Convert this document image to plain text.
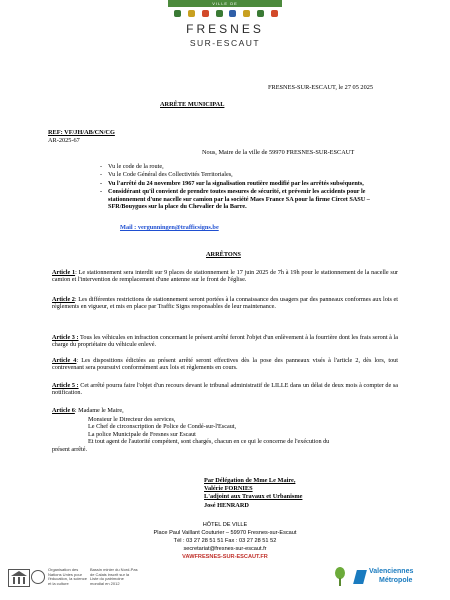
VILLE DE
FRESNES
SUR-ESCAUT
FRESNES-SUR-ESCAUT, le 27 05 2025
ARRÊTE MUNICIPAL
REF: VF/JH/AB/CN/CG
AR-2025-67
Nous, Maire de la ville de 59970 FRESNES-SUR-ESCAUT
- Vu le code de la route,
- Vu le Code Général des Collectivités Territoriales,
- Vu l'arrêté du 24 novembre 1967 sur la signalisation routière modifié par les arrêtés subséquents,
- Considérant qu'il convient de prendre toutes mesures de sécurité, et prévenir les accidents pour le stationnement d'une nacelle sur camion par la société Maes France SA pour la firme Circet SASU – SFR/Bouygues sur la place du Chevalier de la Barre.
Mail : vergunningen@trafficsigns.be
ARRÊTONS
Article 1: Le stationnement sera interdit sur 9 places de stationnement le 17 juin 2025 de 7h à 19h pour le stationnement de la nacelle sur camion et l'intervention de remplacement d'une antenne sur le front de l'église.
Article 2: Les différentes restrictions de stationnement seront portées à la connaissance des usagers par des panneaux conformes aux lois et règlements en vigueur, et mis en place par Traffic Signs responsables de leur maintenance.
Article 3 : Tous les véhicules en infraction concernant le présent arrêté feront l'objet d'un enlèvement à la fourrière dont les frais seront à la charge du propriétaire du véhicule enlevé.
Article 4: Les dispositions édictées au présent arrêté seront effectives dès la pose des panneaux visés à l'article 2, dès lors, tout contrevenant sera poursuivi conformément aux lois et règlements en cours.
Article 5 : Cet arrêté pourra faire l'objet d'un recours devant le tribunal administratif de LILLE dans un délai de deux mois à compter de sa notification.
Article 6: Madame le Maire,
Monsieur le Directeur des services,
Le Chef de circonscription de Police de Condé-sur-l'Escaut,
La police Municipale de Fresnes sur Escaut
Et tout agent de l'autorité compétent, sont chargés, chacun en ce qui le concerne de l'exécution du
présent arrêté.
Par Délégation de Mme Le Maire,
Valérie FORNIES
L'adjoint aux Travaux et Urbanisme
José HENRARD
HÔTEL DE VILLE
Place Paul Vaillant Couturier – 59970 Fresnes-sur-Escaut
Tél : 03 27 28 51 51 Fax : 03 27 28 51 52
secretariat@fresnes-sur-escaut.fr
VAWFRESNES-SUR-ESCAUT.FR
Organisation des Nations Unies pour l'éducation, la science et la culture
Bassin minier du Nord-Pas de Calais inscrit sur la Liste du patrimoine mondial en 2012
Valenciennes
Métropole
